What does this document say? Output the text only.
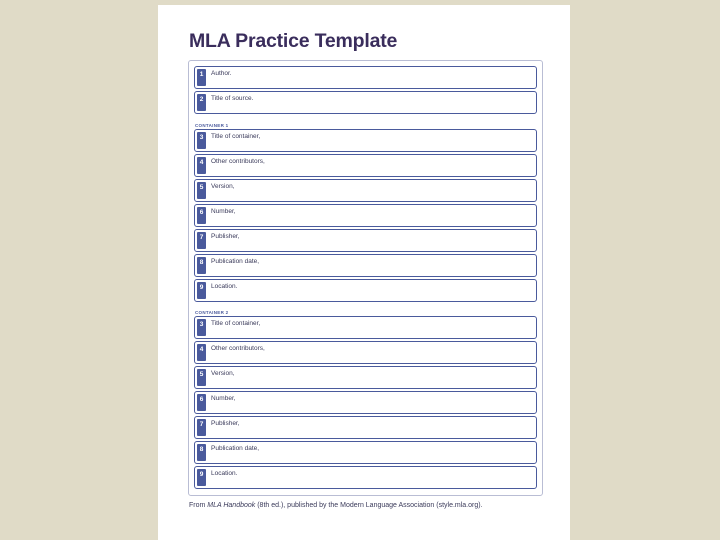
MLA Practice Template
1	Author.
2	Title of source.
CONTAINER 1
3	Title of container,
4	Other contributors,
5	Version,
6	Number,
7	Publisher,
8	Publication date,
9	Location.
CONTAINER 2
3	Title of container,
4	Other contributors,
5	Version,
6	Number,
7	Publisher,
8	Publication date,
9	Location.
From MLA Handbook (8th ed.), published by the Modern Language Association (style.mla.org).
